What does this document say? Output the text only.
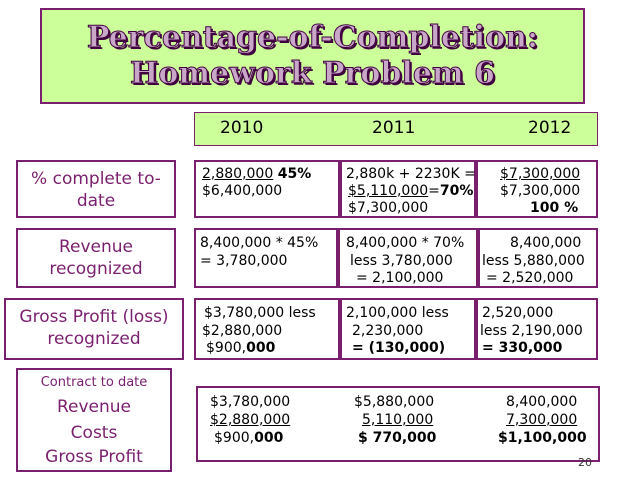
Percentage-of-Completion:
Homework Problem 6
2010	2011	2012
% complete to-date
2,880,000 45%
$6,400,000
2,880k + 2230K =
$5,110,000=70%
$7,300,000
$7,300,000
$7,300,000
100 %
Revenue recognized
8,400,000 * 45%
= 3,780,000
8,400,000 * 70%
less 3,780,000
= 2,100,000
8,400,000
less 5,880,000
= 2,520,000
Gross Profit (loss) recognized
$3,780,000 less
$2,880,000
$900,000
2,100,000 less
2,230,000
= (130,000)
2,520,000
less 2,190,000
= 330,000
Contract to date
Revenue
Costs
Gross Profit
$3,780,000
$2,880,000
$900,000
$5,880,000
5,110,000
$ 770,000
8,400,000
7,300,000
$1,100,000
20
